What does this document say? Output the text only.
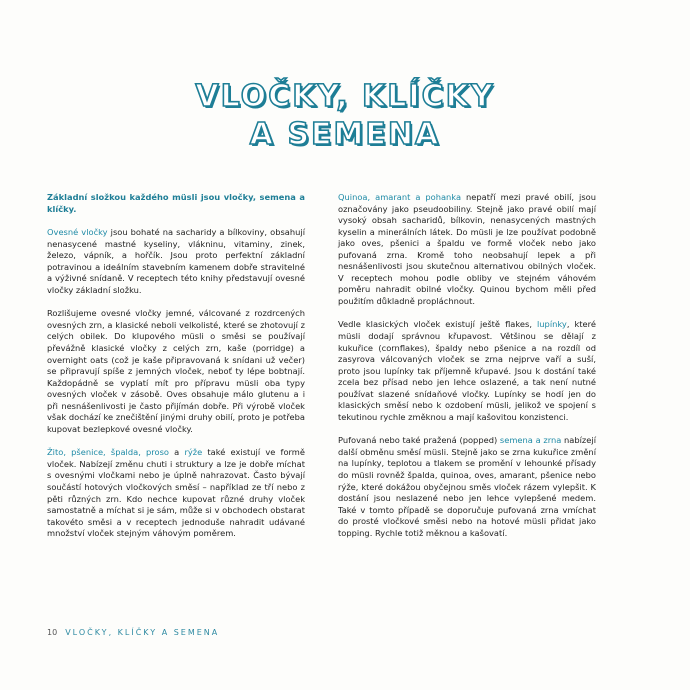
VLOČKY, KLÍČKY
A SEMENA

Základní složkou každého müsli jsou vločky, semena a klíčky.

Ovesné vločky jsou bohaté na sacharidy a bílkoviny, obsahují nenasycené mastné kyseliny, vlákninu, vitaminy, zinek, železo, vápník, a hořčík. Jsou proto perfektní základní potravinou a ideálním stavebním kamenem dobře stravitelné a výživné snídaně. V receptech této knihy představují ovesné vločky základní složku.

Rozlišujeme ovesné vločky jemné, válcované z rozdrcených ovesných zrn, a klasické neboli velkolisté, které se zhotovují z celých obilek. Do klupového müsli o směsi se používají převážně klasické vločky z celých zrn, kaše (porridge) a overnight oats (což je kaše připravovaná k snídani už večer) se připravují spíše z jemných vloček, neboť ty lépe bobtnají. Každopádně se vyplatí mít pro přípravu müsli oba typy ovesných vloček v zásobě. Oves obsahuje málo glutenu a i při nesnášenlivosti je často přijímán dobře. Při výrobě vloček však dochází ke znečištění jinými druhy obilí, proto je potřeba kupovat bezlepkové ovesné vločky.

Žito, pšenice, špalda, proso a rýže také existují ve formě vloček. Nabízejí změnu chuti i struktury a lze je dobře míchat s ovesnými vločkami nebo je úplně nahrazovat. Často bývají součástí hotových vločkových směsí – například ze tří nebo z pěti různých zrn. Kdo nechce kupovat různé druhy vloček samostatně a míchat si je sám, může si v obchodech obstarat takovéto směsi a v receptech jednoduše nahradit udávané množství vloček stejným váhovým poměrem.

Quinoa, amarant a pohanka nepatří mezi pravé obilí, jsou označovány jako pseudoobiliny. Stejně jako pravé obilí mají vysoký obsah sacharidů, bílkovin, nenasycených mastných kyselin a minerálních látek. Do müsli je lze používat podobně jako oves, pšenici a špaldu ve formě vloček nebo jako pufovaná zrna. Kromě toho neobsahují lepek a při nesnášenlivosti jsou skutečnou alternativou obilných vloček. V receptech mohou podle obliby ve stejném váhovém poměru nahradit obilné vločky. Quinou bychom měli před použitím důkladně propláchnout.

Vedle klasických vloček existují ještě flakes, lupínky, které müsli dodají správnou křupavost. Většinou se dělají z kukuřice (cornflakes), špaldy nebo pšenice a na rozdíl od zasyrova válcovaných vloček se zrna nejprve vaří a suší, proto jsou lupínky tak příjemně křupavé. Jsou k dostání také zcela bez přísad nebo jen lehce oslazené, a tak není nutné používat slazené snídaňové vločky. Lupínky se hodí jen do klasických směsí nebo k ozdobení müsli, jelikož ve spojení s tekutinou rychle změknou a mají kašovitou konzistenci.

Pufovaná nebo také pražená (popped) semena a zrna nabízejí další obměnu směsí müsli. Stejně jako se zrna kukuřice změní na lupínky, teplotou a tlakem se promění v lehounké přísady do müsli rovněž špalda, quinoa, oves, amarant, pšenice nebo rýže, které dokážou obyčejnou směs vloček rázem vylepšit. K dostání jsou neslazené nebo jen lehce vylepšené medem. Také v tomto případě se doporučuje pufovaná zrna vmíchat do prosté vločkové směsi nebo na hotové müsli přidat jako topping. Rychle totiž měknou a kašovatí.

10 VLOČKY, KLÍČKY A SEMENA
